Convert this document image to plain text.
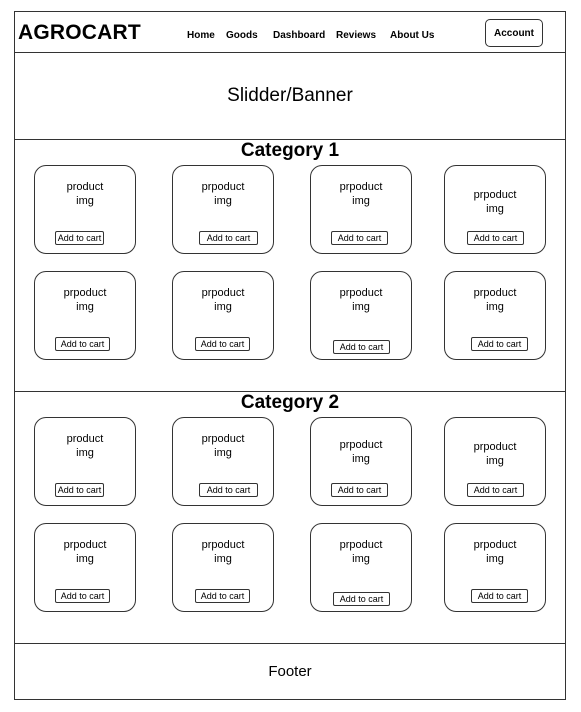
AGROCART	Home Goods Dashboard Reviews About Us	Account
Slidder/Banner
Category 1
Category 2
product
img
Add to cart
prpoduct
img
Add to cart
prpoduct
img
Add to cart
prpoduct
img
Add to cart
prpoduct
img
Add to cart
prpoduct
img
Add to cart
prpoduct
img
Add to cart
prpoduct
img
Add to cart
product
img
Add to cart
prpoduct
img
Add to cart
prpoduct
img
Add to cart
prpoduct
img
Add to cart
prpoduct
img
Add to cart
prpoduct
img
Add to cart
prpoduct
img
Add to cart
prpoduct
img
Add to cart
Footer
